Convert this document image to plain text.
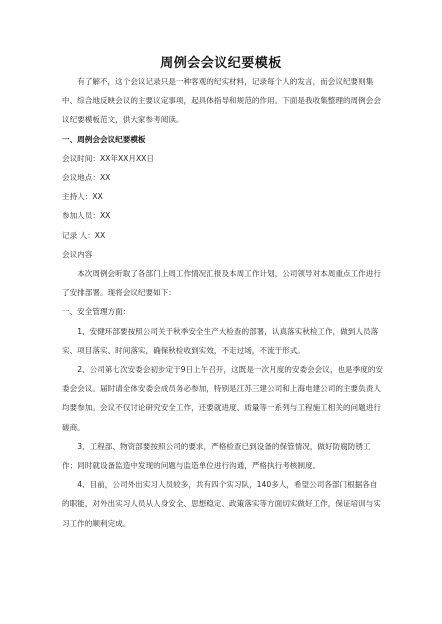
周例会会议纪要模板

有了解不，这个会议记录只是一种客观的纪实材料，记录每个人的发言，而会议纪要则集中、综合地反映会议的主要议定事项，起具体指导和规范的作用。下面是我收集整理的周例会会议纪要模板范文，供大家参考阅读。

一、周例会会议纪要模板

会议时间：XX年XX月XX日

会议地点：XX

主持人：XX

参加人员：XX

记录 人：XX

会议内容

本次周例会听取了各部门上周工作情况汇报及本周工作计划，公司领导对本周重点工作进行了安排部署。现将会议纪要如下：

一、安全管理方面：

1、安健环部要按照公司关于秋季安全生产大检查的部署，认真落实秋检工作，做到人员落实、项目落实、时间落实，确保秋检收到实效，不走过场，不流于形式。

2、公司第七次安委会初步定于9日上午召开，这既是一次月度的安委会会议，也是季度的安委会会议。届时请全体安委会成员务必参加，特别是江苏三建公司和上海电建公司的主要负责人均要参加。会议不仅讨论研究安全工作，还要就进度、质量等一系列与工程施工相关的问题进行磋商。

3、工程部、物资部要按照公司的要求，严格检查已到设备的保管情况，做好防腐防锈工作；同时就设备监造中发现的问题与监造单位进行沟通，严格执行考核制度。

4、目前，公司外出实习人员较多，共有四个实习队，140多人，希望公司各部门根据各自的职能，对外出实习人员从人身安全、思想稳定、政策落实等方面切实做好工作，保证培训与实习工作的顺利完成。
